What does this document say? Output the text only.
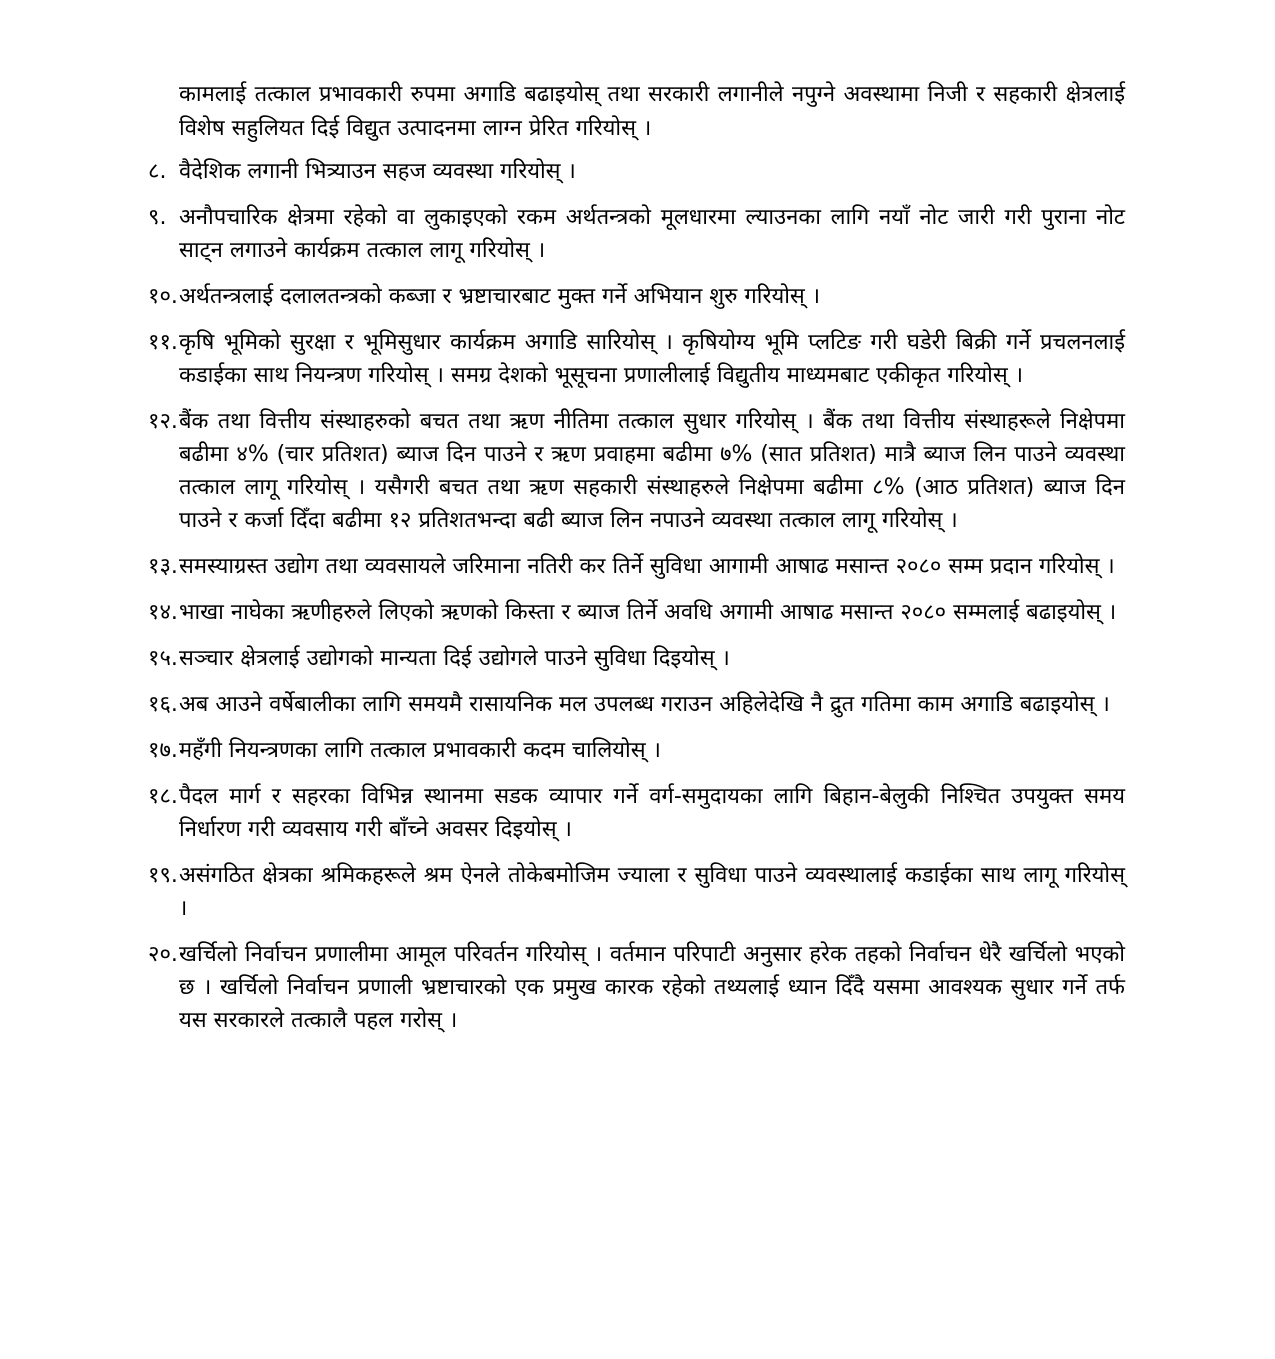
कामलाई तत्काल प्रभावकारी रुपमा अगाडि बढाइयोस् तथा सरकारी लगानीले नपुग्ने अवस्थामा निजी र सहकारी क्षेत्रलाई विशेष सहुलियत दिई विद्युत उत्पादनमा लाग्न प्रेरित गरियोस् ।

८. वैदेशिक लगानी भित्र्याउन सहज व्यवस्था गरियोस् ।
९. अनौपचारिक क्षेत्रमा रहेको वा लुकाइएको रकम अर्थतन्त्रको मूलधारमा ल्याउनका लागि नयाँ नोट जारी गरी पुराना नोट साट्न लगाउने कार्यक्रम तत्काल लागू गरियोस् ।
१०. अर्थतन्त्रलाई दलालतन्त्रको कब्जा र भ्रष्टाचारबाट मुक्त गर्ने अभियान शुरु गरियोस् ।
११. कृषि भूमिको सुरक्षा र भूमिसुधार कार्यक्रम अगाडि सारियोस् । कृषियोग्य भूमि प्लटिङ गरी घडेरी बिक्री गर्ने प्रचलनलाई कडाईका साथ नियन्त्रण गरियोस् । समग्र देशको भूसूचना प्रणालीलाई विद्युतीय माध्यमबाट एकीकृत गरियोस् ।
१२. बैंक तथा वित्तीय संस्थाहरुको बचत तथा ऋण नीतिमा तत्काल सुधार गरियोस् । बैंक तथा वित्तीय संस्थाहरूले निक्षेपमा बढीमा ४% (चार प्रतिशत) ब्याज दिन पाउने र ऋण प्रवाहमा बढीमा ७% (सात प्रतिशत) मात्रै ब्याज लिन पाउने व्यवस्था तत्काल लागू गरियोस् । यसैगरी बचत तथा ऋण सहकारी संस्थाहरुले निक्षेपमा बढीमा ८% (आठ प्रतिशत) ब्याज दिन पाउने र कर्जा दिँदा बढीमा १२ प्रतिशतभन्दा बढी ब्याज लिन नपाउने व्यवस्था तत्काल लागू गरियोस् ।
१३. समस्याग्रस्त उद्योग तथा व्यवसायले जरिमाना नतिरी कर तिर्ने सुविधा आगामी आषाढ मसान्त २०८० सम्म प्रदान गरियोस् ।
१४. भाखा नाघेका ऋणीहरुले लिएको ऋणको किस्ता र ब्याज तिर्ने अवधि अगामी आषाढ मसान्त २०८० सम्मलाई बढाइयोस् ।
१५. सञ्चार क्षेत्रलाई उद्योगको मान्यता दिई उद्योगले पाउने सुविधा दिइयोस् ।
१६. अब आउने वर्षेबालीका लागि समयमै रासायनिक मल उपलब्ध गराउन अहिलेदेखि नै द्रुत गतिमा काम अगाडि बढाइयोस् ।
१७. महँगी नियन्त्रणका लागि तत्काल प्रभावकारी कदम चालियोस् ।
१८. पैदल मार्ग र सहरका विभिन्न स्थानमा सडक व्यापार गर्ने वर्ग-समुदायका लागि बिहान-बेलुकी निश्चित उपयुक्त समय निर्धारण गरी व्यवसाय गरी बाँच्ने अवसर दिइयोस् ।
१९. असंगठित क्षेत्रका श्रमिकहरूले श्रम ऐनले तोकेबमोजिम ज्याला र सुविधा पाउने व्यवस्थालाई कडाईका साथ लागू गरियोस् ।
२०. खर्चिलो निर्वाचन प्रणालीमा आमूल परिवर्तन गरियोस् । वर्तमान परिपाटी अनुसार हरेक तहको निर्वाचन धेरै खर्चिलो भएको छ । खर्चिलो निर्वाचन प्रणाली भ्रष्टाचारको एक प्रमुख कारक रहेको तथ्यलाई ध्यान दिँदै यसमा आवश्यक सुधार गर्ने तर्फ यस सरकारले तत्कालै पहल गरोस् ।
